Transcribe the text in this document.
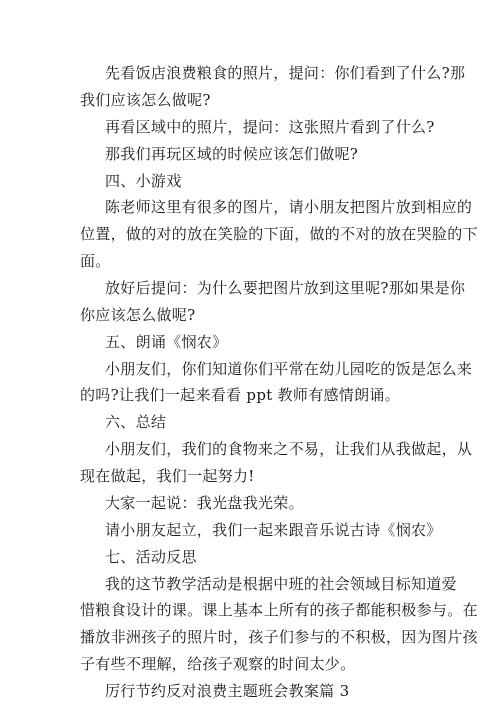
先看饭店浪费粮食的照片，提问：你们看到了什么?那
我们应该怎么做呢?
再看区域中的照片，提问：这张照片看到了什么?
那我们再玩区域的时候应该怎们做呢?
四、小游戏
陈老师这里有很多的图片，请小朋友把图片放到相应的
位置，做的对的放在笑脸的下面，做的不对的放在哭脸的下
面。
放好后提问：为什么要把图片放到这里呢?那如果是你
你应该怎么做呢?
五、朗诵《悯农》
小朋友们，你们知道你们平常在幼儿园吃的饭是怎么来
的吗?让我们一起来看看 ppt 教师有感情朗诵。
六、总结
小朋友们，我们的食物来之不易，让我们从我做起，从
现在做起，我们一起努力!
大家一起说：我光盘我光荣。
请小朋友起立，我们一起来跟音乐说古诗《悯农》
七、活动反思
我的这节教学活动是根据中班的社会领域目标知道爱
惜粮食设计的课。课上基本上所有的孩子都能积极参与。在
播放非洲孩子的照片时，孩子们参与的不积极，因为图片孩
子有些不理解，给孩子观察的时间太少。
厉行节约反对浪费主题班会教案篇 3
